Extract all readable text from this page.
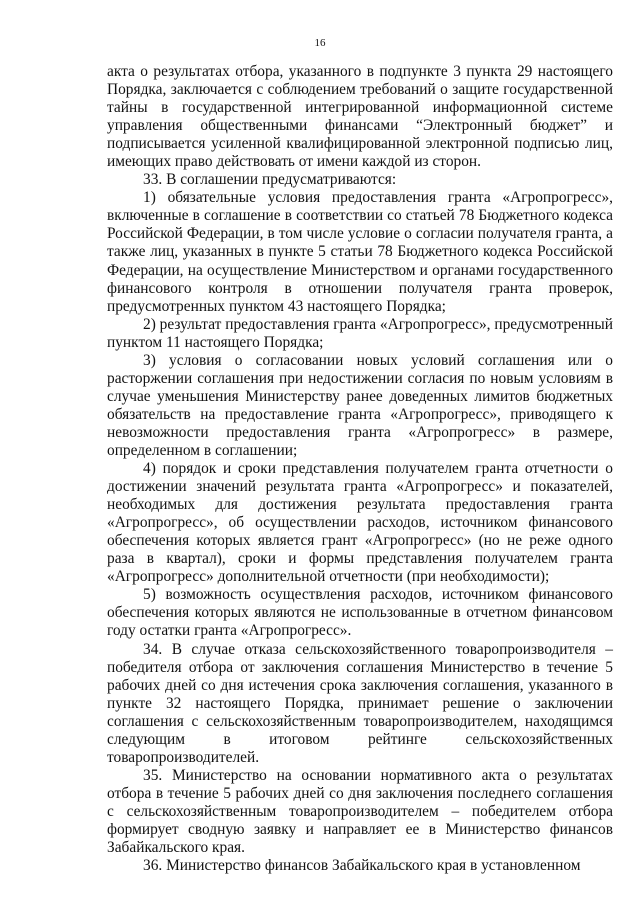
16

акта о результатах отбора, указанного в подпункте 3 пункта 29 настоящего Порядка, заключается с соблюдением требований о защите государственной тайны в государственной интегрированной информационной системе управления общественными финансами “Электронный бюджет” и подписывается усиленной квалифицированной электронной подписью лиц, имеющих право действовать от имени каждой из сторон.

33. В соглашении предусматриваются:

1) обязательные условия предоставления гранта «Агропрогресс», включенные в соглашение в соответствии со статьей 78 Бюджетного кодекса Российской Федерации, в том числе условие о согласии получателя гранта, а также лиц, указанных в пункте 5 статьи 78 Бюджетного кодекса Российской Федерации, на осуществление Министерством и органами государственного финансового контроля в отношении получателя гранта проверок, предусмотренных пунктом 43 настоящего Порядка;

2) результат предоставления гранта «Агропрогресс», предусмотренный пунктом 11 настоящего Порядка;

3) условия о согласовании новых условий соглашения или о расторжении соглашения при недостижении согласия по новым условиям в случае уменьшения Министерству ранее доведенных лимитов бюджетных обязательств на предоставление гранта «Агропрогресс», приводящего к невозможности предоставления гранта «Агропрогресс» в размере, определенном в соглашении;

4) порядок и сроки представления получателем гранта отчетности о достижении значений результата гранта «Агропрогресс» и показателей, необходимых для достижения результата предоставления гранта «Агропрогресс», об осуществлении расходов, источником финансового обеспечения которых является грант «Агропрогресс» (но не реже одного раза в квартал), сроки и формы представления получателем гранта «Агропрогресс» дополнительной отчетности (при необходимости);

5) возможность осуществления расходов, источником финансового обеспечения которых являются не использованные в отчетном финансовом году остатки гранта «Агропрогресс».

34. В случае отказа сельскохозяйственного товаропроизводителя – победителя отбора от заключения соглашения Министерство в течение 5 рабочих дней со дня истечения срока заключения соглашения, указанного в пункте 32 настоящего Порядка, принимает решение о заключении соглашения с сельскохозяйственным товаропроизводителем, находящимся следующим в итоговом рейтинге сельскохозяйственных товаропроизводителей.

35. Министерство на основании нормативного акта о результатах отбора в течение 5 рабочих дней со дня заключения последнего соглашения с сельскохозяйственным товаропроизводителем – победителем отбора формирует сводную заявку и направляет ее в Министерство финансов Забайкальского края.

36. Министерство финансов Забайкальского края в установленном
